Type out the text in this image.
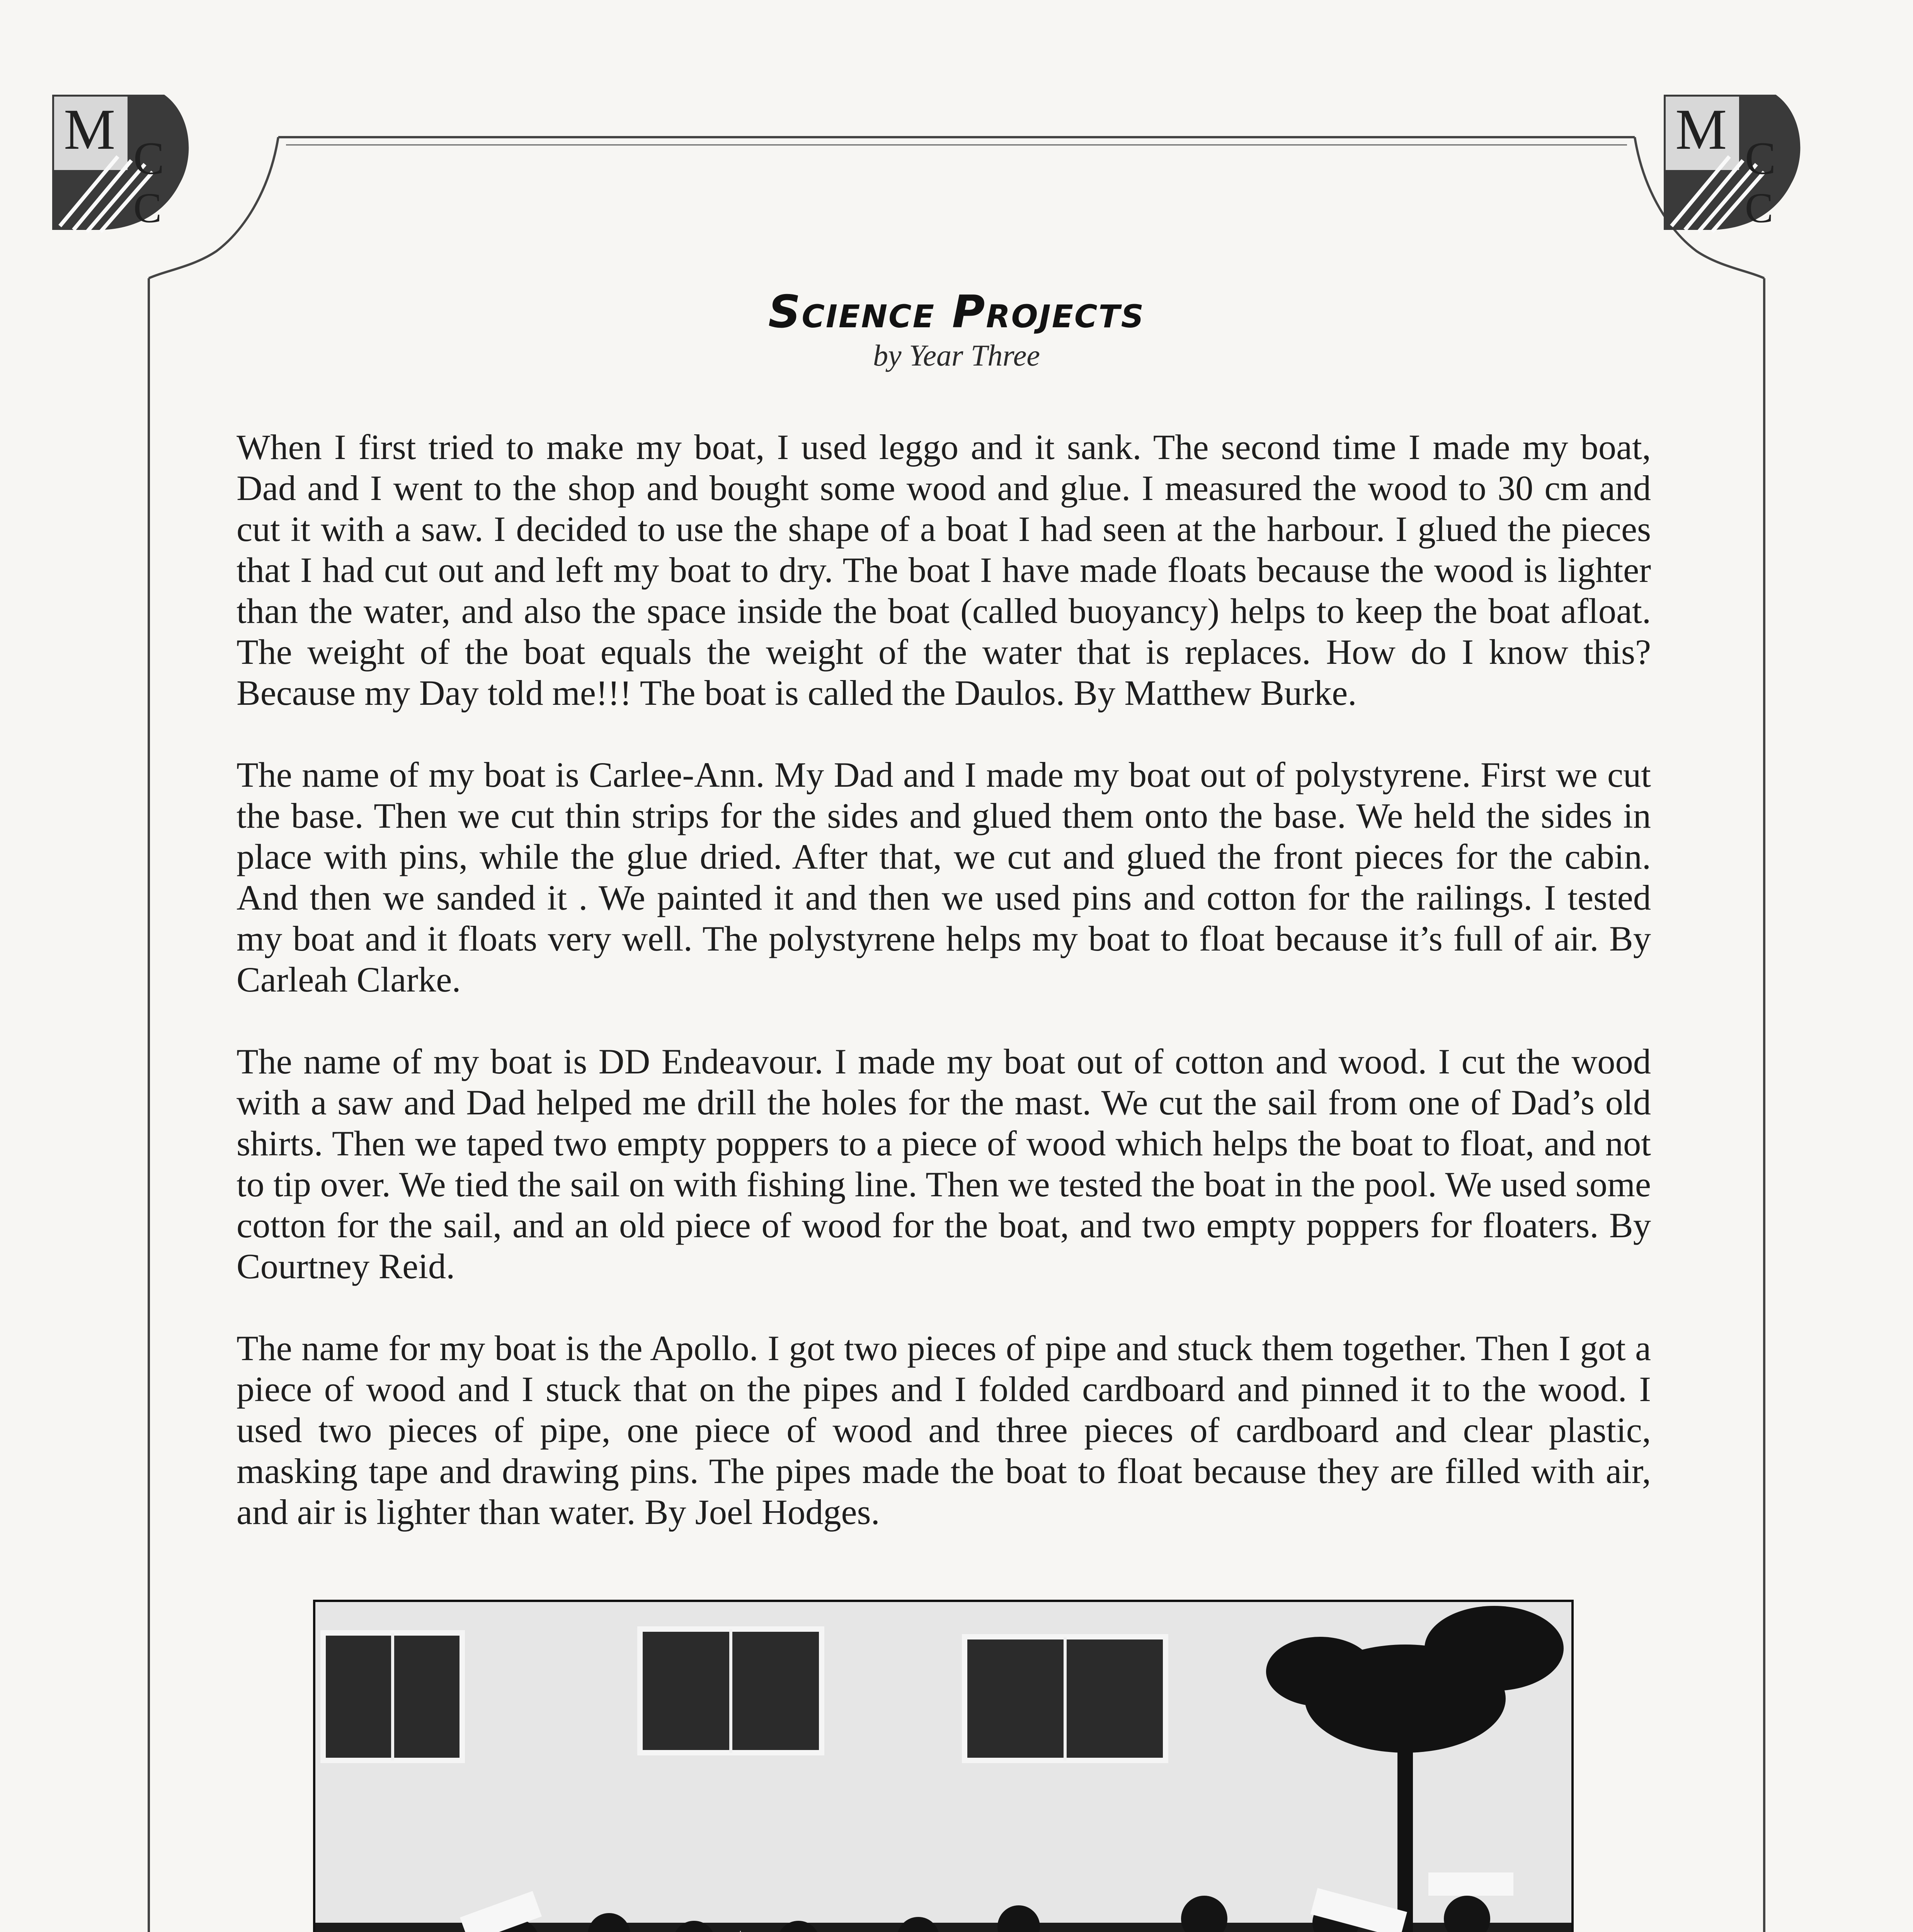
M C
C
M C
C
Science Projects
by Year Three

When I first tried to make my boat, I used leggo and it sank. The second time I made my boat, Dad and I went to the shop and bought some wood and glue. I measured the wood to 30 cm and cut it with a saw. I decided to use the shape of a boat I had seen at the harbour. I glued the pieces that I had cut out and left my boat to dry. The boat I have made floats because the wood is lighter than the water, and also the space inside the boat (called buoyancy) helps to keep the boat afloat. The weight of the boat equals the weight of the water that is replaces. How do I know this? Because my Day told me!!! The boat is called the Daulos. By Matthew Burke.

The name of my boat is Carlee-Ann. My Dad and I made my boat out of polystyrene. First we cut the base. Then we cut thin strips for the sides and glued them onto the base. We held the sides in place with pins, while the glue dried. After that, we cut and glued the front pieces for the cabin. And then we sanded it . We painted it and then we used pins and cotton for the railings. I tested my boat and it floats very well. The polystyrene helps my boat to float because it’s full of air. By Carleah Clarke.

The name of my boat is DD Endeavour. I made my boat out of cotton and wood. I cut the wood with a saw and Dad helped me drill the holes for the mast. We cut the sail from one of Dad’s old shirts. Then we taped two empty poppers to a piece of wood which helps the boat to float, and not to tip over. We tied the sail on with fishing line. Then we tested the boat in the pool. We used some cotton for the sail, and an old piece of wood for the boat, and two empty poppers for floaters. By Courtney Reid.

The name for my boat is the Apollo. I got two pieces of pipe and stuck them together. Then I got a piece of wood and I stuck that on the pipes and I folded cardboard and pinned it to the wood. I used two pieces of pipe, one piece of wood and three pieces of cardboard and clear plastic, masking tape and drawing pins. The pipes made the boat to float because they are filled with air, and air is lighter than water. By Joel Hodges.
